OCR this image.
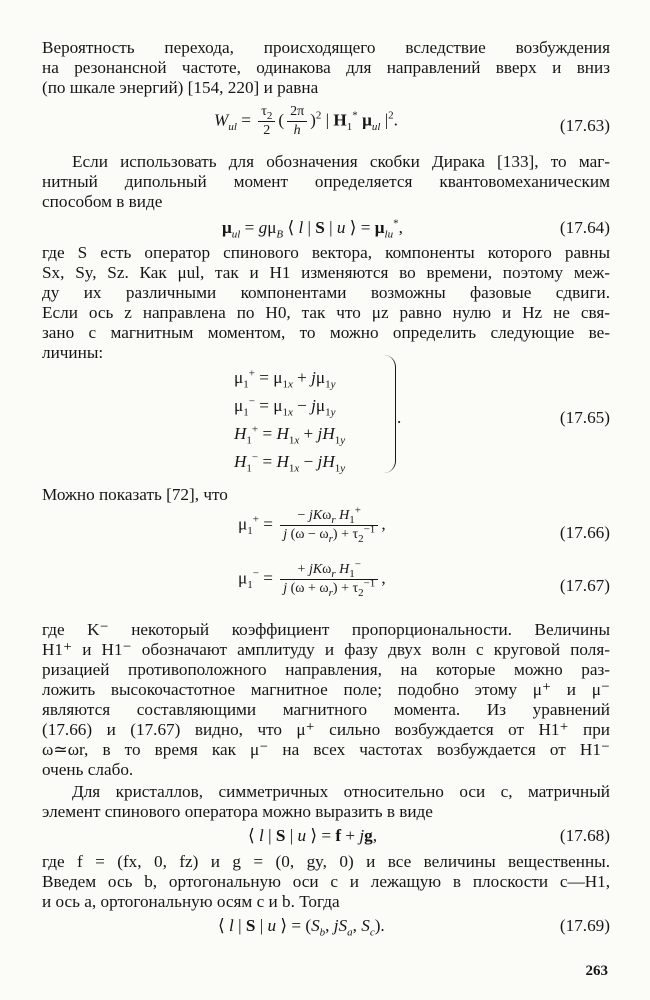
Вероятность перехода, происходящего вследствие возбуждения
на резонансной частоте, одинакова для направлений вверх и вниз
(по шкале энергий) [154, 220] и равна
$W_{ul} = \frac{\tau_2}{2}$ ( $\frac{2\pi}{h} )^2$ | $H_1^*$ $\mu_{ul}$ $|^2$.	(17.63)
Если использовать для обозначения скобки Дирака [133], то маг-
нитный дипольный момент определяется квантовомеханическим
способом в виде
$\mu_{ul} = g\mu_B$ ⟨ l | S | u ⟩ = $\mu_{lu}^*$,	(17.64)
где S есть оператор спинового вектора, компоненты которого равны
Sx, Sy, Sz. Как μul, так и H1 изменяются во времени, поэтому меж-
ду их различными компонентами возможны фазовые сдвиги.
Если ось z направлена по H0, так что μz равно нулю и Hz не свя-
зано с магнитным моментом, то можно определить следующие ве-
личины:
$\mu_1^+ = \mu_{1x} + j\mu_{1y}$
$\mu_1^- = \mu_{1x} - j\mu_{1y}$
$H_1^+ = H_{1x} + jH_{1y}$
$H_1^- = H_{1x} - jH_{1y}$
.	(17.65)
Можно показать [72], что
$\mu_1^+ = \frac{- jK\omega_r H_1^+}{j (\omega - \omega_r) + \tau_2^{-1}}$ ,	(17.66)
$\mu_1^- = \frac{+ jK\omega_r H_1^-}{j (\omega + \omega_r) + \tau_2^{-1}}$ ,	(17.67)
где K⁻ некоторый коэффициент пропорциональности. Величины
H1⁺ и H1⁻ обозначают амплитуду и фазу двух волн с круговой поля-
ризацией противоположного направления, на которые можно раз-
ложить высокочастотное магнитное поле; подобно этому μ⁺ и μ⁻
являются составляющими магнитного момента. Из уравнений
(17.66) и (17.67) видно, что μ⁺ сильно возбуждается от H1⁺ при
ω≃ωr, в то время как μ⁻ на всех частотах возбуждается от H1⁻
очень слабо.
Для кристаллов, симметричных относительно оси c, матричный
элемент спинового оператора можно выразить в виде
⟨ l | S | u ⟩ = f + jg,	(17.68)
где f = (fx, 0, fz) и g = (0, gy, 0) и все величины вещественны.
Введем ось b, ортогональную оси c и лежащую в плоскости c—H1,
и ось a, ортогональную осям c и b. Тогда
⟨ l | S | u ⟩ = ($S_b$, $jS_a$, $S_c$).	(17.69)
263
